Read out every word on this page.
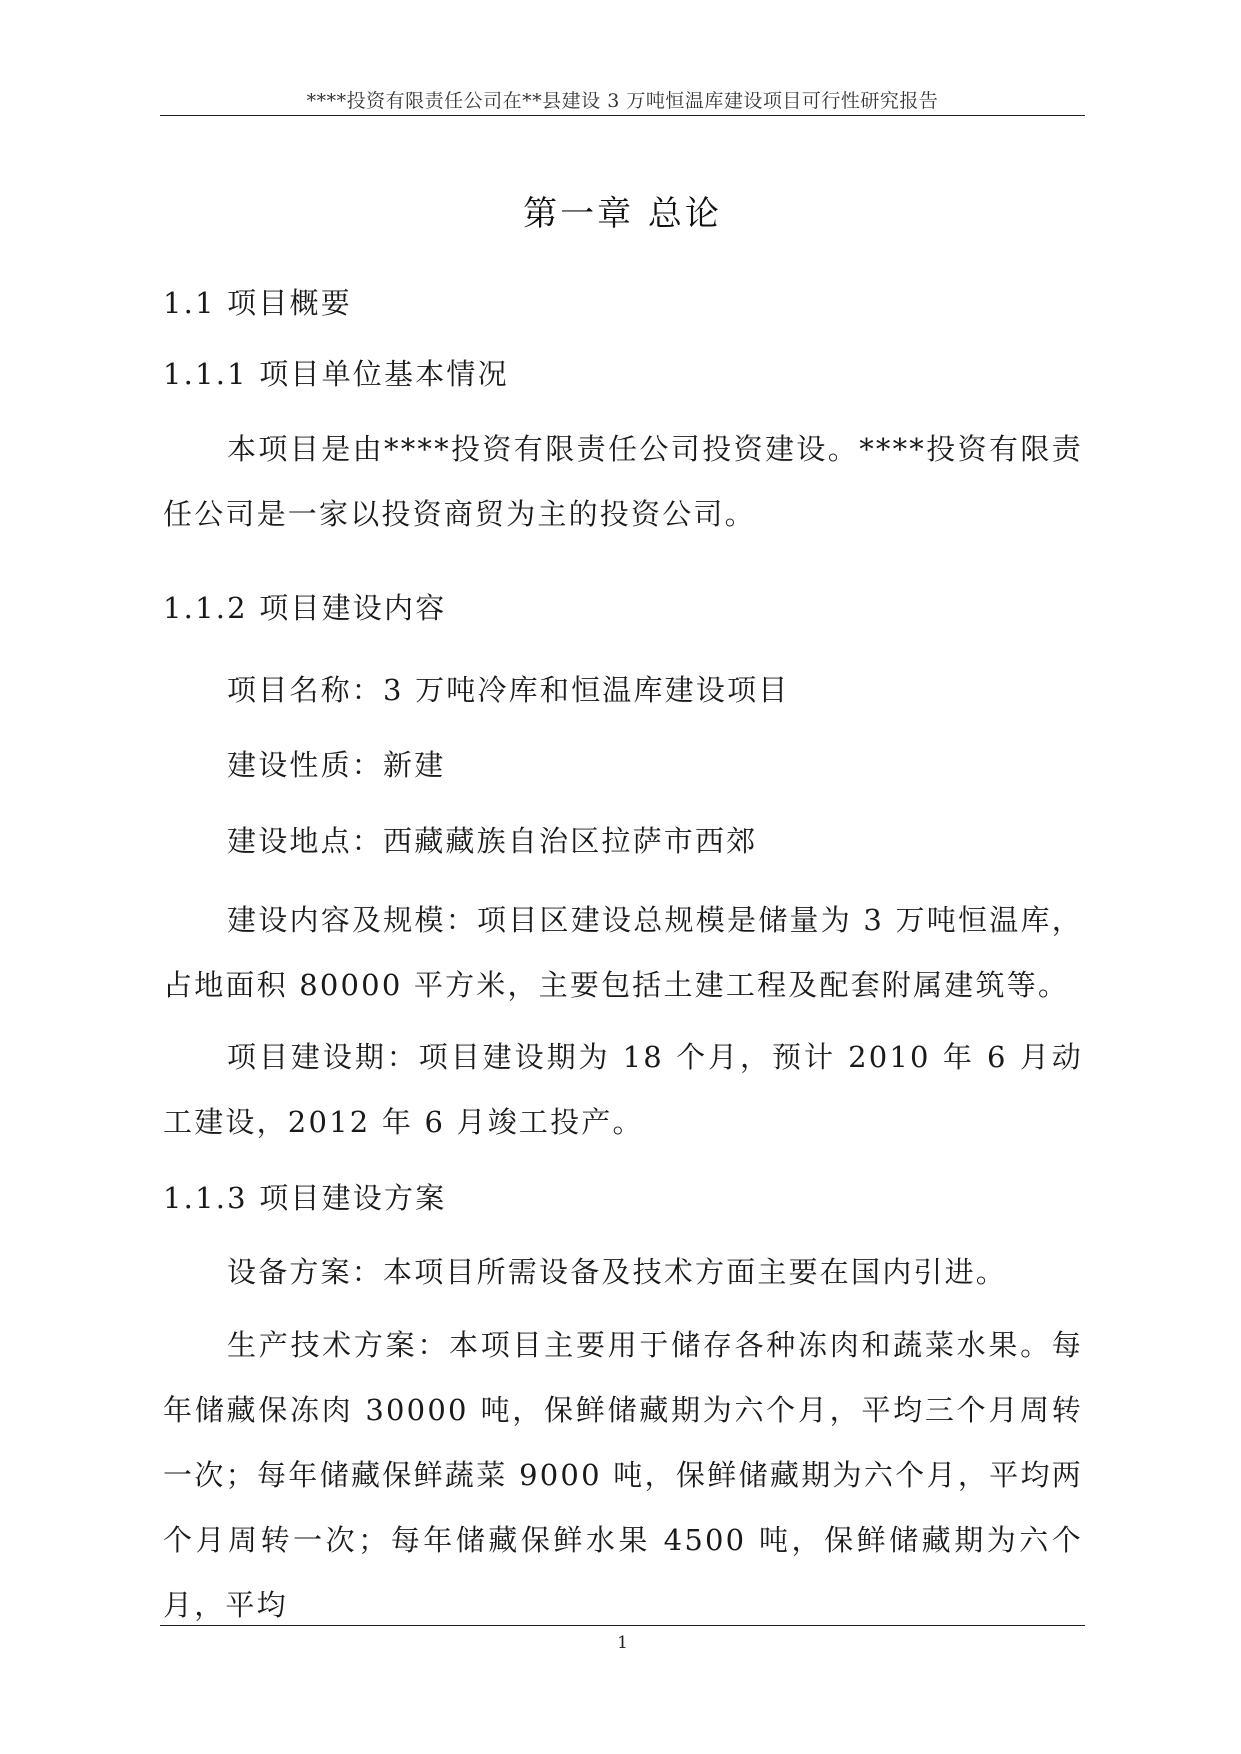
****投资有限责任公司在**县建设 3 万吨恒温库建设项目可行性研究报告
第一章 总论
1.1 项目概要
1.1.1 项目单位基本情况
本项目是由****投资有限责任公司投资建设。****投资有限责任公司是一家以投资商贸为主的投资公司。
1.1.2 项目建设内容
项目名称：3 万吨冷库和恒温库建设项目
建设性质：新建
建设地点：西藏藏族自治区拉萨市西郊
建设内容及规模：项目区建设总规模是储量为 3 万吨恒温库，占地面积 80000 平方米，主要包括土建工程及配套附属建筑等。
项目建设期：项目建设期为 18 个月，预计 2010 年 6 月动工建设，2012 年 6 月竣工投产。
1.1.3 项目建设方案
设备方案：本项目所需设备及技术方面主要在国内引进。
生产技术方案：本项目主要用于储存各种冻肉和蔬菜水果。每年储藏保冻肉 30000 吨，保鲜储藏期为六个月，平均三个月周转一次；每年储藏保鲜蔬菜 9000 吨，保鲜储藏期为六个月，平均两个月周转一次；每年储藏保鲜水果 4500 吨，保鲜储藏期为六个月，平均
1
